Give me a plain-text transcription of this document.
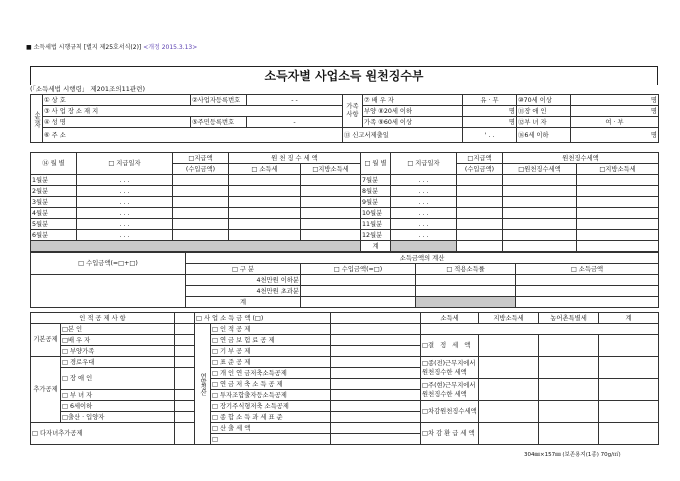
■ 소득세법 시행규칙 [별지 제25호서식(2)] <개정 2015.3.13>
소득자별 사업소득 원천징수부
(「소득세법 시행령」 제201조의11관련)
소득자	① 상 호	②사업자등록번호	- -	가족사항	⑦ 배 우 자	유 · 무	⑩70세 이상	명
	③ 사 업 장 소 재 지				부양 ⑧20세 이하	명	⑪장 애 인	명
	④ 성 명	⑤주민등록번호	-		가족 ⑨60세 이상	명	⑫부 녀 자	여 · 부
	⑥ 주 소			⑬ 신고서제출일		' . .	⑯6세 이하	명
⑭ 월 별	□ 지급일자	□지급액	원 천 징 수 세 액		□ 월 별	□ 지급일자	□지급액	원천징수세액	
		(수입금액)	□ 소득세	□지방소득세			(수입금액)	□원천징수세액	□지방소득세
1월분	. . .				7월분	. . .			
2월분	. . .				8월분	. . .			
3월분	. . .				9월분	. . .			
4월분	. . .				10월분	. . .			
5월분	. . .				11월분	. . .			
6월분	. . .				12월분	. . .			
					계				
□ 수입금액(=□+□)	소득금액의 계산			
	□ 구 분	□ 수입금액(=□)	□ 적용소득률	□ 소득금액
	4천만원 이하분			
	4천만원 초과분			
	계			
인 적 공 제 사 항			□ 사 업 소 득 금 액 (□)			소득세	지방소득세	농어촌특별세	계
기본공제	□본 인		연말정산	□ 인 적 공 제					
	□배 우 자			□ 연 금 보 험 료 공 제		□결   정   세   액			
	□ 부양가족			□ 기 부 공 제					
추가공제	□ 경로우대			□ 표 준 공 제		□종(전)근무지에서
원천징수한 세액			
	□ 장 애 인			□ 개 인 연 금저축소득공제					
				□ 연 금 저 축 소 득 공 제		□주(현)근무지에서
원천징수한 세액			
	□ 부 녀 자			□ 투자조합출자등소득공제					
	□ 6세이하			□ 장기주식형저축 소득공제		□차감원천징수세액			
	□출산 · 입양자			□ 종 합 소 득 과 세 표 준					
□ 다자녀추가공제				□ 산 출 세 액		□차 감 환 급 세 액			
				□					
304㎜×157㎜ (보존용지(1종) 70g/㎡)
